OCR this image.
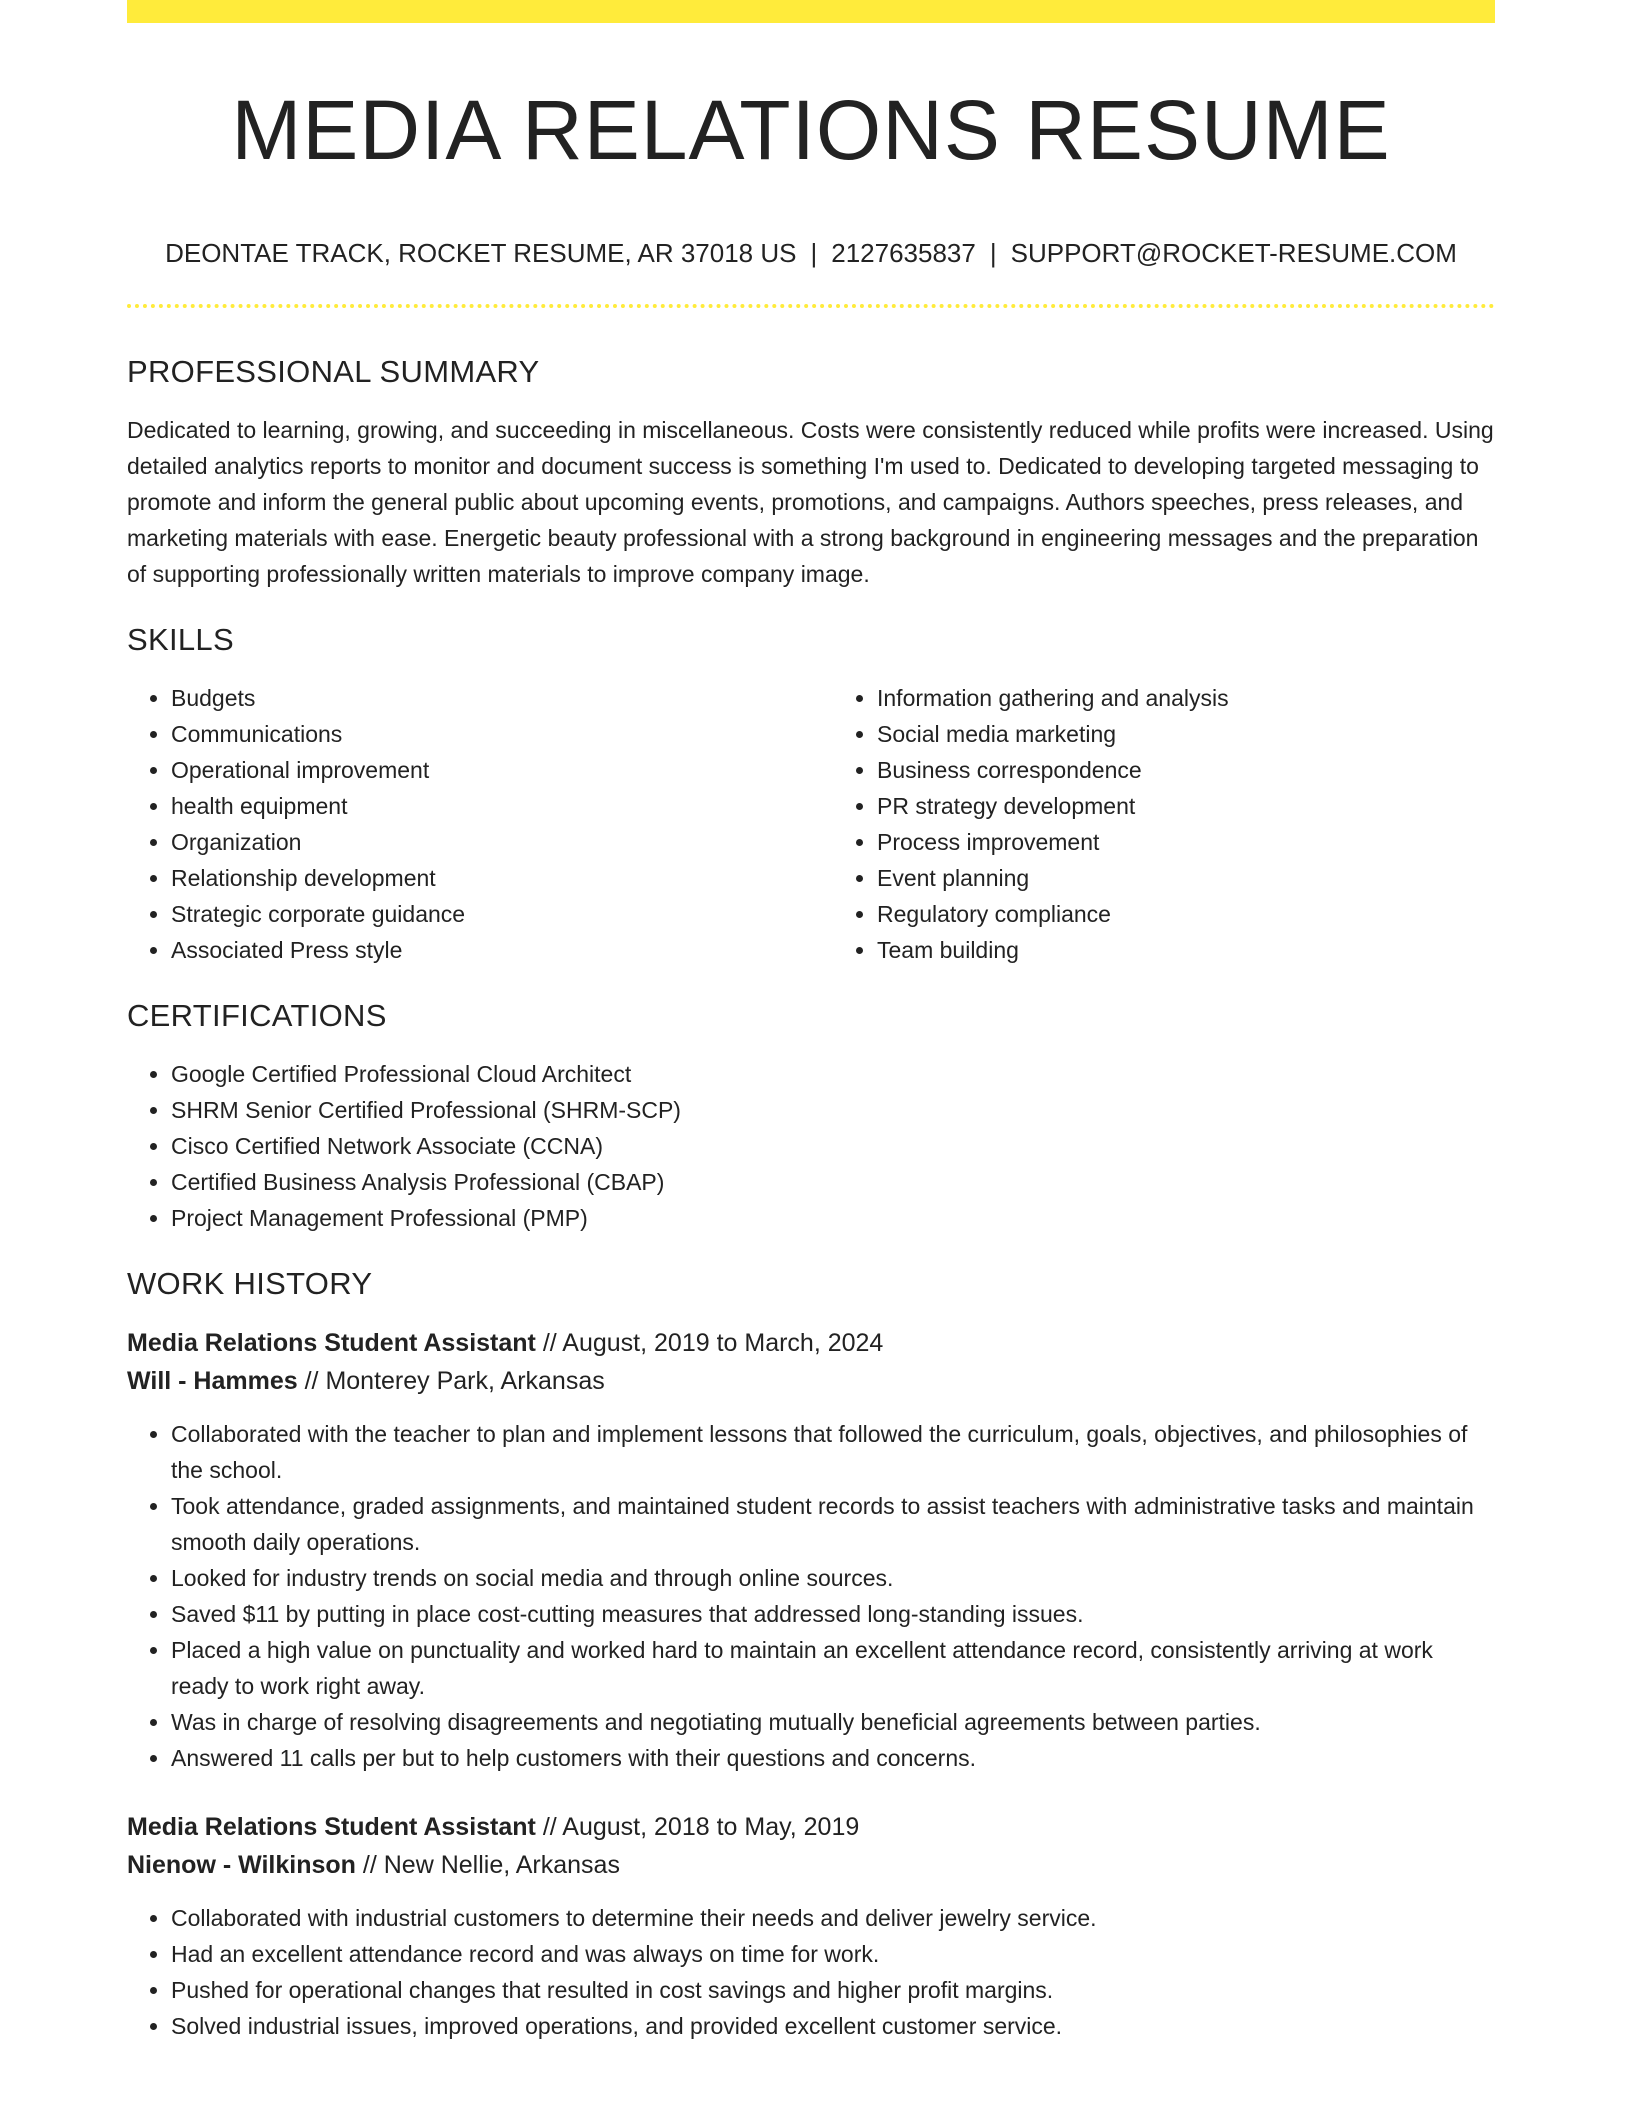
MEDIA RELATIONS RESUME
DEONTAE TRACK, ROCKET RESUME, AR 37018 US | 2127635837 | SUPPORT@ROCKET-RESUME.COM
PROFESSIONAL SUMMARY

Dedicated to learning, growing, and succeeding in miscellaneous. Costs were consistently reduced while profits were increased. Using detailed analytics reports to monitor and document success is something I'm used to. Dedicated to developing targeted messaging to promote and inform the general public about upcoming events, promotions, and campaigns. Authors speeches, press releases, and marketing materials with ease. Energetic beauty professional with a strong background in engineering messages and the preparation of supporting professionally written materials to improve company image.

SKILLS
• Budgets
• Communications
• Operational improvement
• health equipment
• Organization
• Relationship development
• Strategic corporate guidance
• Associated Press style
• Information gathering and analysis
• Social media marketing
• Business correspondence
• PR strategy development
• Process improvement
• Event planning
• Regulatory compliance
• Team building
CERTIFICATIONS
• Google Certified Professional Cloud Architect
• SHRM Senior Certified Professional (SHRM-SCP)
• Cisco Certified Network Associate (CCNA)
• Certified Business Analysis Professional (CBAP)
• Project Management Professional (PMP)
WORK HISTORY
Media Relations Student Assistant // August, 2019 to March, 2024
Will - Hammes // Monterey Park, Arkansas
• Collaborated with the teacher to plan and implement lessons that followed the curriculum, goals, objectives, and philosophies of the school.
• Took attendance, graded assignments, and maintained student records to assist teachers with administrative tasks and maintain smooth daily operations.
• Looked for industry trends on social media and through online sources.
• Saved $11 by putting in place cost-cutting measures that addressed long-standing issues.
• Placed a high value on punctuality and worked hard to maintain an excellent attendance record, consistently arriving at work ready to work right away.
• Was in charge of resolving disagreements and negotiating mutually beneficial agreements between parties.
• Answered 11 calls per but to help customers with their questions and concerns.
Media Relations Student Assistant // August, 2018 to May, 2019
Nienow - Wilkinson // New Nellie, Arkansas
• Collaborated with industrial customers to determine their needs and deliver jewelry service.
• Had an excellent attendance record and was always on time for work.
• Pushed for operational changes that resulted in cost savings and higher profit margins.
• Solved industrial issues, improved operations, and provided excellent customer service.
